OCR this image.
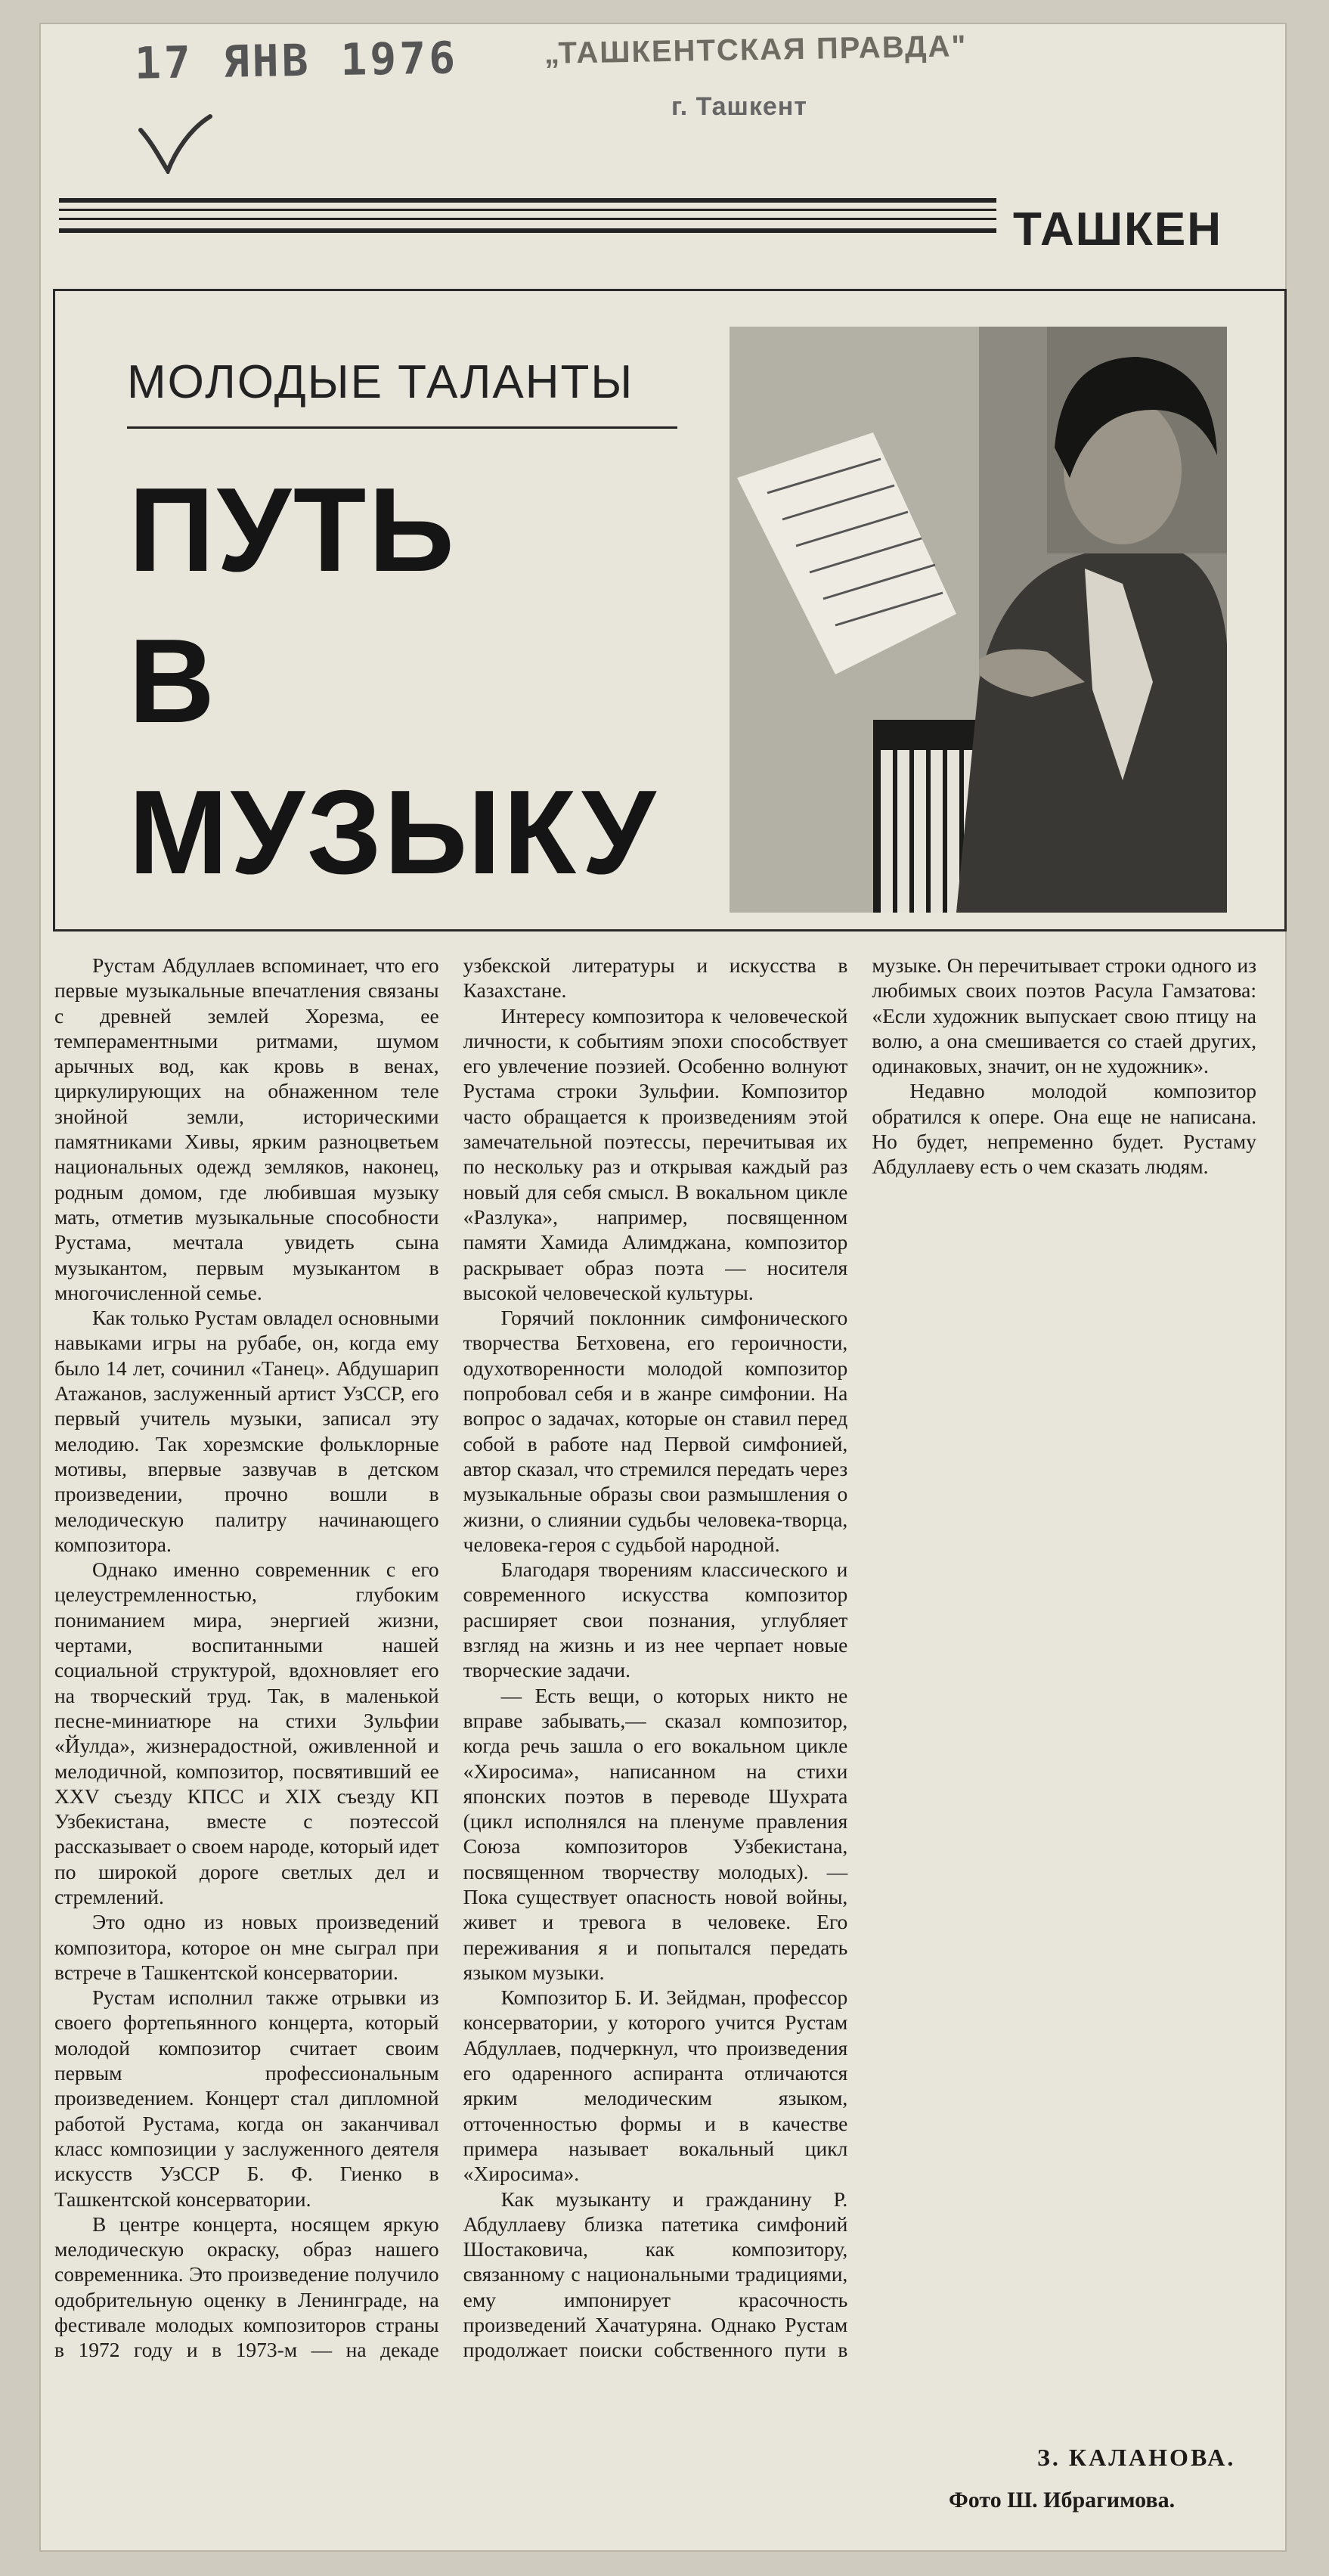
17 ЯНВ 1976	„ТАШКЕНТСКАЯ ПРАВДА"
г. Ташкент
ТАШКЕН
МОЛОДЫЕ ТАЛАНТЫ
ПУТЬ
В
МУЗЫКУ

Рустам Абдуллаев вспоминает, что его первые музыкальные впечатления связаны с древней землей Хорезма, ее темпераментными ритмами, шумом арычных вод, как кровь в венах, циркулирующих на обнаженном теле знойной земли, историческими памятниками Хивы, ярким разноцветьем национальных одежд земляков, наконец, родным домом, где любившая музыку мать, отметив музыкальные способности Рустама, мечтала увидеть сына музыкантом, первым музыкантом в многочисленной семье.

Как только Рустам овладел основными навыками игры на рубабе, он, когда ему было 14 лет, сочинил «Танец». Абдушарип Атажанов, заслуженный артист УзССР, его первый учитель музыки, записал эту мелодию. Так хорезмские фольклорные мотивы, впервые зазвучав в детском произведении, прочно вошли в мелодическую палитру начинающего композитора.

Однако именно современник с его целеустремленностью, глубоким пониманием мира, энергией жизни, чертами, воспитанными нашей социальной структурой, вдохновляет его на творческий труд. Так, в маленькой песне-миниатюре на стихи Зульфии «Йулда», жизнерадостной, оживленной и мелодичной, композитор, посвятивший ее XXV съезду КПСС и XIX съезду КП Узбекистана, вместе с поэтессой рассказывает о своем народе, который идет по широкой дороге светлых дел и стремлений.

Это одно из новых произведений композитора, которое он мне сыграл при встрече в Ташкентской консерватории.

Рустам исполнил также отрывки из своего фортепьянного концерта, который молодой композитор считает своим первым профессиональным произведением. Концерт стал дипломной работой Рустама, когда он заканчивал класс композиции у заслуженного деятеля искусств УзССР Б. Ф. Гиенко в Ташкентской консерватории.

В центре концерта, носящем яркую мелодическую окраску, образ нашего современника. Это произведение получило одобрительную оценку в Ленинграде, на фестивале молодых композиторов страны в 1972 году и в 1973-м — на декаде узбекской литературы и искусства в Казахстане.

Интересу композитора к человеческой личности, к событиям эпохи способствует его увлечение поэзией. Особенно волнуют Рустама строки Зульфии. Композитор часто обращается к произведениям этой замечательной поэтессы, перечитывая их по нескольку раз и открывая каждый раз новый для себя смысл. В вокальном цикле «Разлука», например, посвященном памяти Хамида Алимджана, композитор раскрывает образ поэта — носителя высокой человеческой культуры.

Горячий поклонник симфонического творчества Бетховена, его героичности, одухотворенности молодой композитор попробовал себя и в жанре симфонии. На вопрос о задачах, которые он ставил перед собой в работе над Первой симфонией, автор сказал, что стремился передать через музыкальные образы свои размышления о жизни, о слиянии судьбы человека-творца, человека-героя с судьбой народной.

Благодаря творениям классического и современного искусства композитор расширяет свои познания, углубляет взгляд на жизнь и из нее черпает новые творческие задачи.

— Есть вещи, о которых никто не вправе забывать,— сказал композитор, когда речь зашла о его вокальном цикле «Хиросима», написанном на стихи японских поэтов в переводе Шухрата (цикл исполнялся на пленуме правления Союза композиторов Узбекистана, посвященном творчеству молодых). — Пока существует опасность новой войны, живет и тревога в человеке. Его переживания я и попытался передать языком музыки.

Композитор Б. И. Зейдман, профессор консерватории, у которого учится Рустам Абдуллаев, подчеркнул, что произведения его одаренного аспиранта отличаются ярким мелодическим языком, отточенностью формы и в качестве примера называет вокальный цикл «Хиросима».

Как музыканту и гражданину Р. Абдуллаеву близка патетика симфоний Шостаковича, как композитору, связанному с национальными традициями, ему импонирует красочность произведений Хачатуряна. Однако Рустам продолжает поиски собственного пути в музыке. Он перечитывает строки одного из любимых своих поэтов Расула Гамзатова: «Если художник выпускает свою птицу на волю, а она смешивается со стаей других, одинаковых, значит, он не художник».

Недавно молодой композитор обратился к опере. Она еще не написана. Но будет, непременно будет. Рустаму Абдуллаеву есть о чем сказать людям.

З. КАЛАНОВА.
Фото Ш. Ибрагимова.
